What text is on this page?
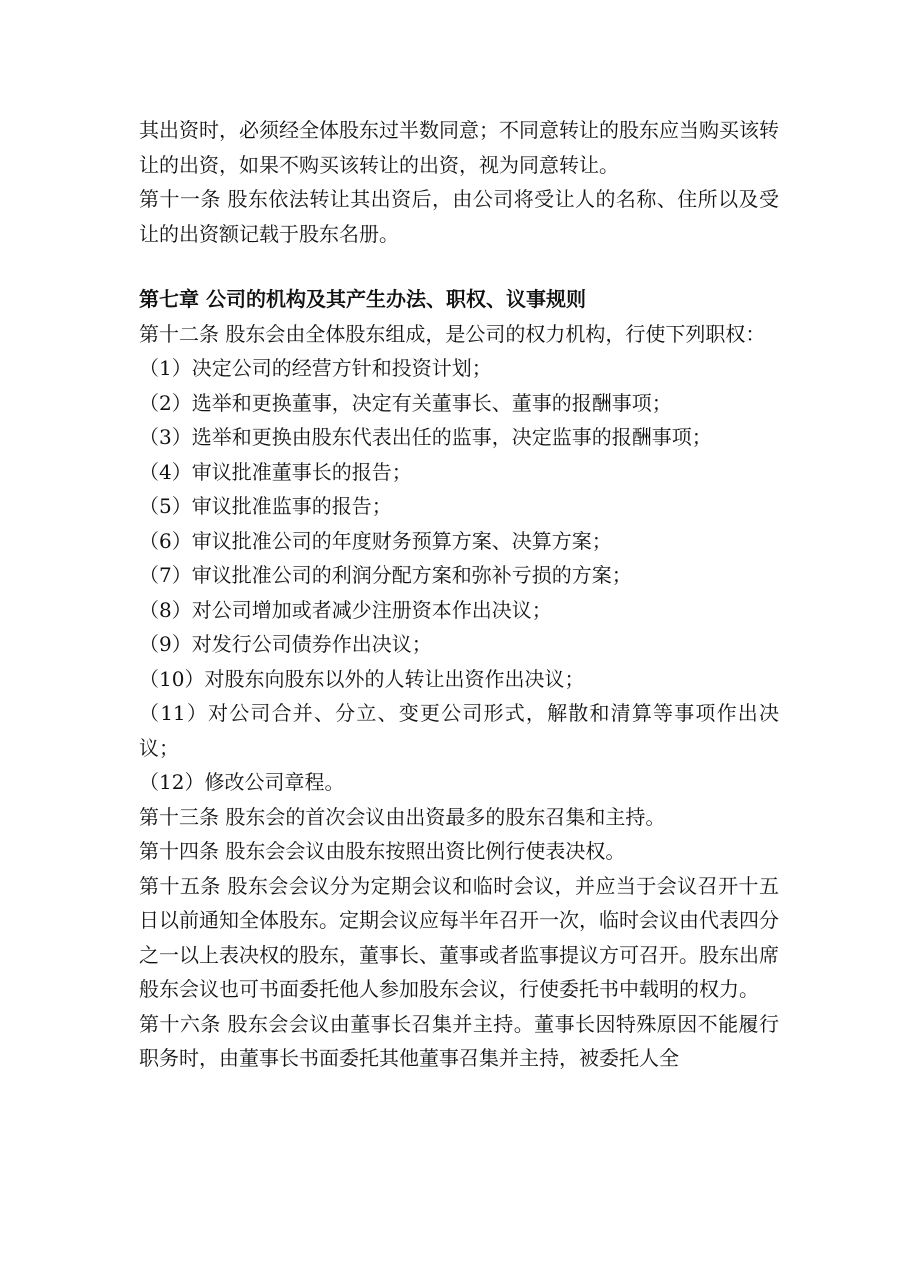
其出资时，必须经全体股东过半数同意；不同意转让的股东应当购买该转让的出资，如果不购买该转让的出资，视为同意转让。

第十一条 股东依法转让其出资后，由公司将受让人的名称、住所以及受让的出资额记载于股东名册。

第七章 公司的机构及其产生办法、职权、议事规则

第十二条 股东会由全体股东组成，是公司的权力机构，行使下列职权：

（1）决定公司的经营方针和投资计划；

（2）选举和更换董事，决定有关董事长、董事的报酬事项；

（3）选举和更换由股东代表出任的监事，决定监事的报酬事项；

（4）审议批准董事长的报告；

（5）审议批准监事的报告；

（6）审议批准公司的年度财务预算方案、决算方案；

（7）审议批准公司的利润分配方案和弥补亏损的方案；

（8）对公司增加或者减少注册资本作出决议；

（9）对发行公司债券作出决议；

（10）对股东向股东以外的人转让出资作出决议；

（11）对公司合并、分立、变更公司形式，解散和清算等事项作出决议；

（12）修改公司章程。

第十三条 股东会的首次会议由出资最多的股东召集和主持。

第十四条 股东会会议由股东按照出资比例行使表决权。

第十五条 股东会会议分为定期会议和临时会议，并应当于会议召开十五日以前通知全体股东。定期会议应每半年召开一次，临时会议由代表四分之一以上表决权的股东，董事长、董事或者监事提议方可召开。股东出席般东会议也可书面委托他人参加股东会议，行使委托书中载明的权力。

第十六条 股东会会议由董事长召集并主持。董事长因特殊原因不能履行职务时，由董事长书面委托其他董事召集并主持，被委托人全
